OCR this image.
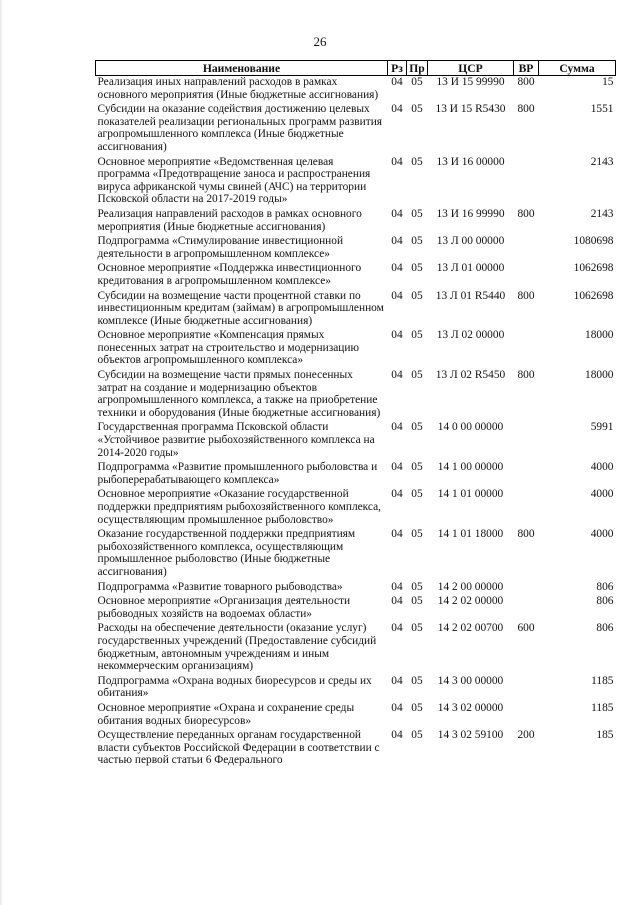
26
Наименование	Рз	Пр	ЦСР	ВР	Сумма
Реализация иных направлений расходов в рамках основного мероприятия (Иные бюджетные ассигнования)	04	05	13 И 15 99990	800	15
Субсидии на оказание содействия достижению целевых показателей реализации региональных программ развития агропромышленного комплекса (Иные бюджетные ассигнования)	04	05	13 И 15 R5430	800	1551
Основное мероприятие «Ведомственная целевая программа «Предотвращение заноса и распространения вируса африканской чумы свиней (АЧС) на территории Псковской области на 2017-2019 годы»	04	05	13 И 16 00000		2143
Реализация направлений расходов в рамках основного мероприятия (Иные бюджетные ассигнования)	04	05	13 И 16 99990	800	2143
Подпрограмма «Стимулирование инвестиционной деятельности в агропромышленном комплексе»	04	05	13 Л 00 00000		1080698
Основное мероприятие «Поддержка инвестиционного кредитования в агропромышленном комплексе»	04	05	13 Л 01 00000		1062698
Субсидии на возмещение части процентной ставки по инвестиционным кредитам (займам) в агропромышленном комплексе (Иные бюджетные ассигнования)	04	05	13 Л 01 R5440	800	1062698
Основное мероприятие «Компенсация прямых понесенных затрат на строительство и модернизацию объектов агропромышленного комплекса»	04	05	13 Л 02 00000		18000
Субсидии на возмещение части прямых понесенных затрат на создание и модернизацию объектов агропромышленного комплекса, а также на приобретение техники и оборудования (Иные бюджетные ассигнования)	04	05	13 Л 02 R5450	800	18000
Государственная программа Псковской области «Устойчивое развитие рыбохозяйственного комплекса на 2014-2020 годы»	04	05	14 0 00 00000		5991
Подпрограмма «Развитие промышленного рыболовства и рыбоперерабатывающего комплекса»	04	05	14 1 00 00000		4000
Основное мероприятие «Оказание государственной поддержки предприятиям рыбохозяйственного комплекса, осуществляющим промышленное рыболовство»	04	05	14 1 01 00000		4000
Оказание государственной поддержки предприятиям рыбохозяйственного комплекса, осуществляющим промышленное рыболовство (Иные бюджетные ассигнования)	04	05	14 1 01 18000	800	4000
Подпрограмма «Развитие товарного рыбоводства»	04	05	14 2 00 00000		806
Основное мероприятие «Организация деятельности рыбоводных хозяйств на водоемах области»	04	05	14 2 02 00000		806
Расходы на обеспечение деятельности (оказание услуг) государственных учреждений (Предоставление субсидий бюджетным, автономным учреждениям и иным некоммерческим организациям)	04	05	14 2 02 00700	600	806
Подпрограмма «Охрана водных биоресурсов и среды их обитания»	04	05	14 3 00 00000		1185
Основное мероприятие «Охрана и сохранение среды обитания водных биоресурсов»	04	05	14 3 02 00000		1185
Осуществление переданных органам государственной власти субъектов Российской Федерации в соответствии с частью первой статьи 6 Федерального	04	05	14 3 02 59100	200	185
